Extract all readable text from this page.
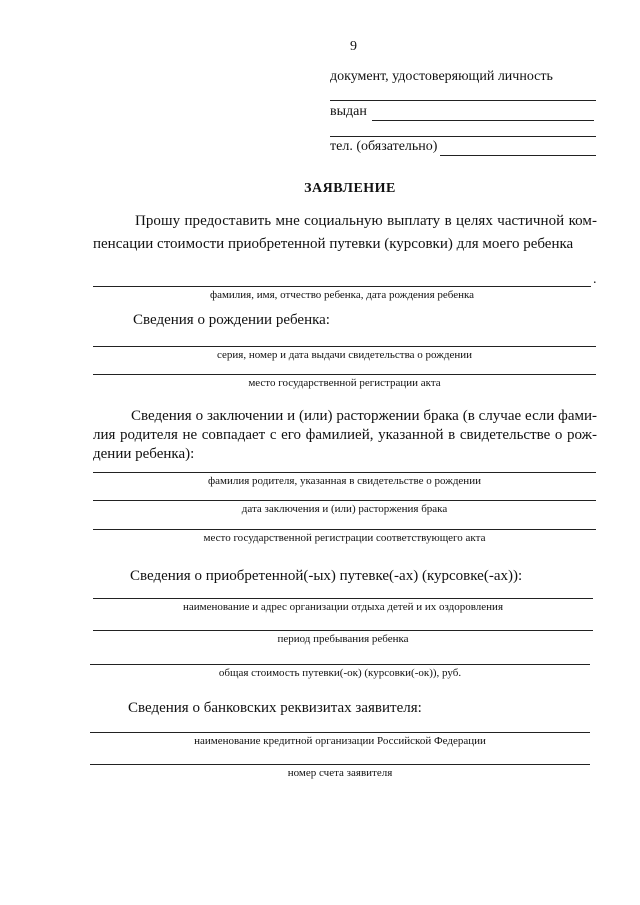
9
документ, удостоверяющий личность
выдан
тел. (обязательно)
ЗАЯВЛЕНИЕ
Прошу предоставить мне социальную выплату в целях частичной ком-
пенсации стоимости приобретенной путевки (курсовки) для моего ребенка
.
фамилия, имя, отчество ребенка, дата рождения ребенка
Сведения о рождении ребенка:
серия, номер и дата выдачи свидетельства о рождении
место государственной регистрации акта
Сведения о заключении и (или) расторжении брака (в случае если фами-
лия родителя не совпадает с его фамилией, указанной в свидетельстве о рож-
дении ребенка):
фамилия родителя, указанная в свидетельстве о рождении
дата заключения и (или) расторжения брака
место государственной регистрации соответствующего акта
Сведения о приобретенной(-ых) путевке(-ах) (курсовке(-ах)):
наименование и адрес организации отдыха детей и их оздоровления
период пребывания ребенка
общая стоимость путевки(-ок) (курсовки(-ок)), руб.
Сведения о банковских реквизитах заявителя:
наименование кредитной организации Российской Федерации
номер счета заявителя
